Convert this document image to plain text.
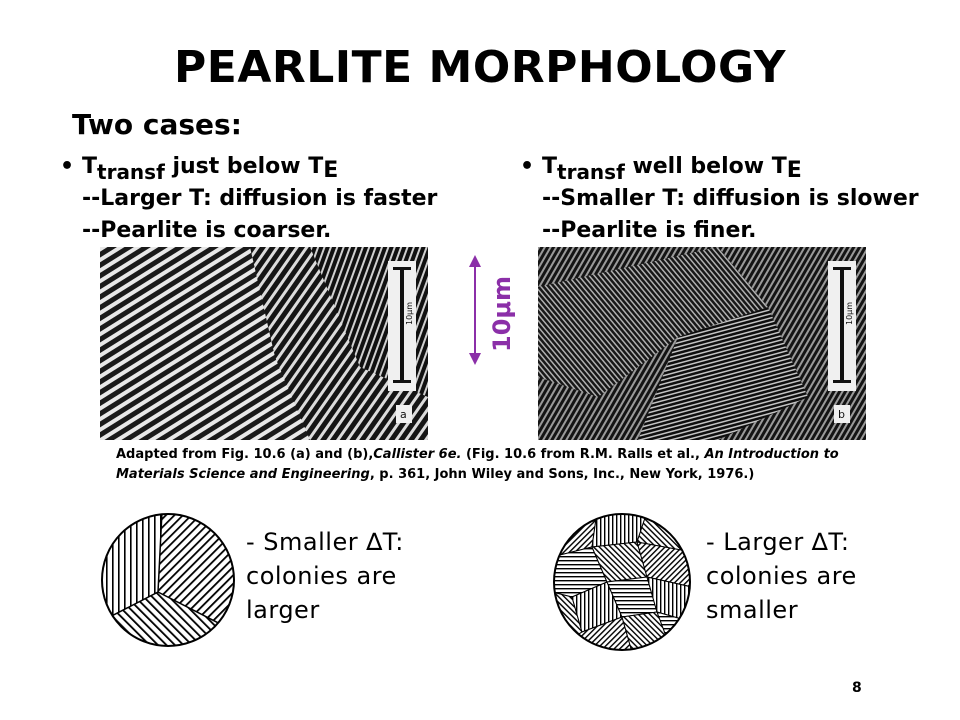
PEARLITE MORPHOLOGY
Two cases:
• Ttransf just below TE
--Larger T: diffusion is faster
--Pearlite is coarser.
• Ttransf well below TE
--Smaller T: diffusion is slower
--Pearlite is finer.
10μm
a
10μm	10μm
b
Adapted from Fig. 10.6 (a) and (b),Callister 6e. (Fig. 10.6 from R.M. Ralls et al., An Introduction to Materials Science and Engineering, p. 361, John Wiley and Sons, Inc., New York, 1976.)
- Smaller ∆T:
colonies are
larger
- Larger ∆T:
colonies are
smaller
8
